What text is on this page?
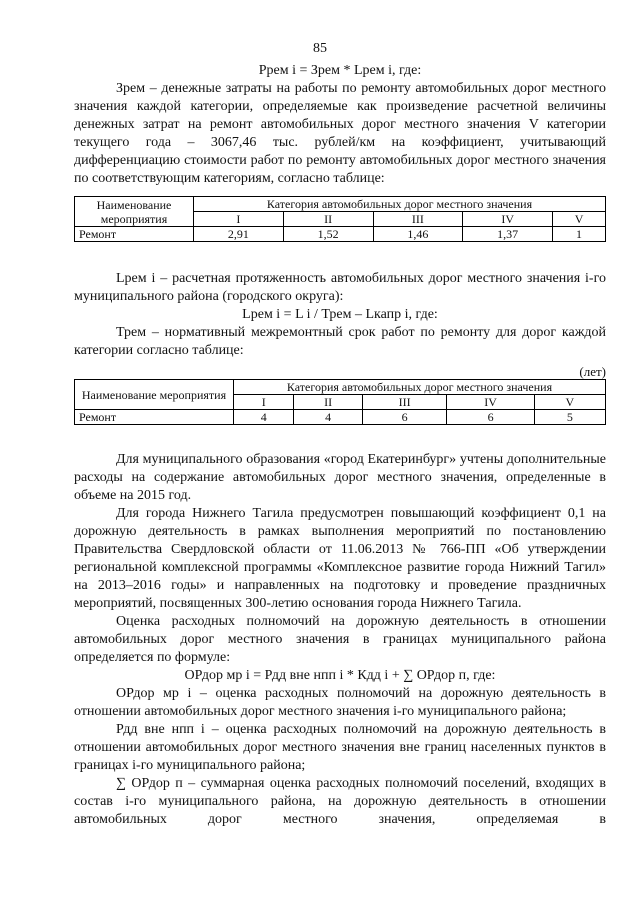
85
Ррем i = Зрем * Lрем i, где:
Зрем – денежные затраты на работы по ремонту автомобильных дорог местного значения каждой категории, определяемые как произведение расчетной величины денежных затрат на ремонт автомобильных дорог местного значения V категории текущего года – 3067,46 тыс. рублей/км на коэффициент, учитывающий дифференциацию стоимости работ по ремонту автомобильных дорог местного значения по соответствующим категориям, согласно таблице:
Наименование мероприятия	Категория автомобильных дорог местного значения				
	I	II	III	IV	V
Ремонт	2,91	1,52	1,46	1,37	1
Lрем i – расчетная протяженность автомобильных дорог местного значения i-го муниципального района (городского округа):
Lрем i = L i / Трем – Lкапр i, где:
Трем – нормативный межремонтный срок работ по ремонту для дорог каждой категории согласно таблице:
(лет)
Наименование мероприятия	Категория автомобильных дорог местного значения				
	I	II	III	IV	V
Ремонт	4	4	6	6	5
Для муниципального образования «город Екатеринбург» учтены дополнительные расходы на содержание автомобильных дорог местного значения, определенные в объеме на 2015 год.
Для города Нижнего Тагила предусмотрен повышающий коэффициент 0,1 на дорожную деятельность в рамках выполнения мероприятий по постановлению Правительства Свердловской области от 11.06.2013 № 766-ПП «Об утверждении региональной комплексной программы «Комплексное развитие города Нижний Тагил» на 2013–2016 годы» и направленных на подготовку и проведение праздничных мероприятий, посвященных 300-летию основания города Нижнего Тагила.
Оценка расходных полномочий на дорожную деятельность в отношении автомобильных дорог местного значения в границах муниципального района определяется по формуле:
ОРдор мр i = Рдд вне нпп i * Кдд i + ∑ ОРдор п, где:
ОРдор мр i – оценка расходных полномочий на дорожную деятельность в отношении автомобильных дорог местного значения i-го муниципального района;
Рдд вне нпп i – оценка расходных полномочий на дорожную деятельность в отношении автомобильных дорог местного значения вне границ населенных пунктов в границах i-го муниципального района;
∑ ОРдор п – суммарная оценка расходных полномочий поселений, входящих в состав i-го муниципального района, на дорожную деятельность в отношении автомобильных дорог местного значения, определяемая в
